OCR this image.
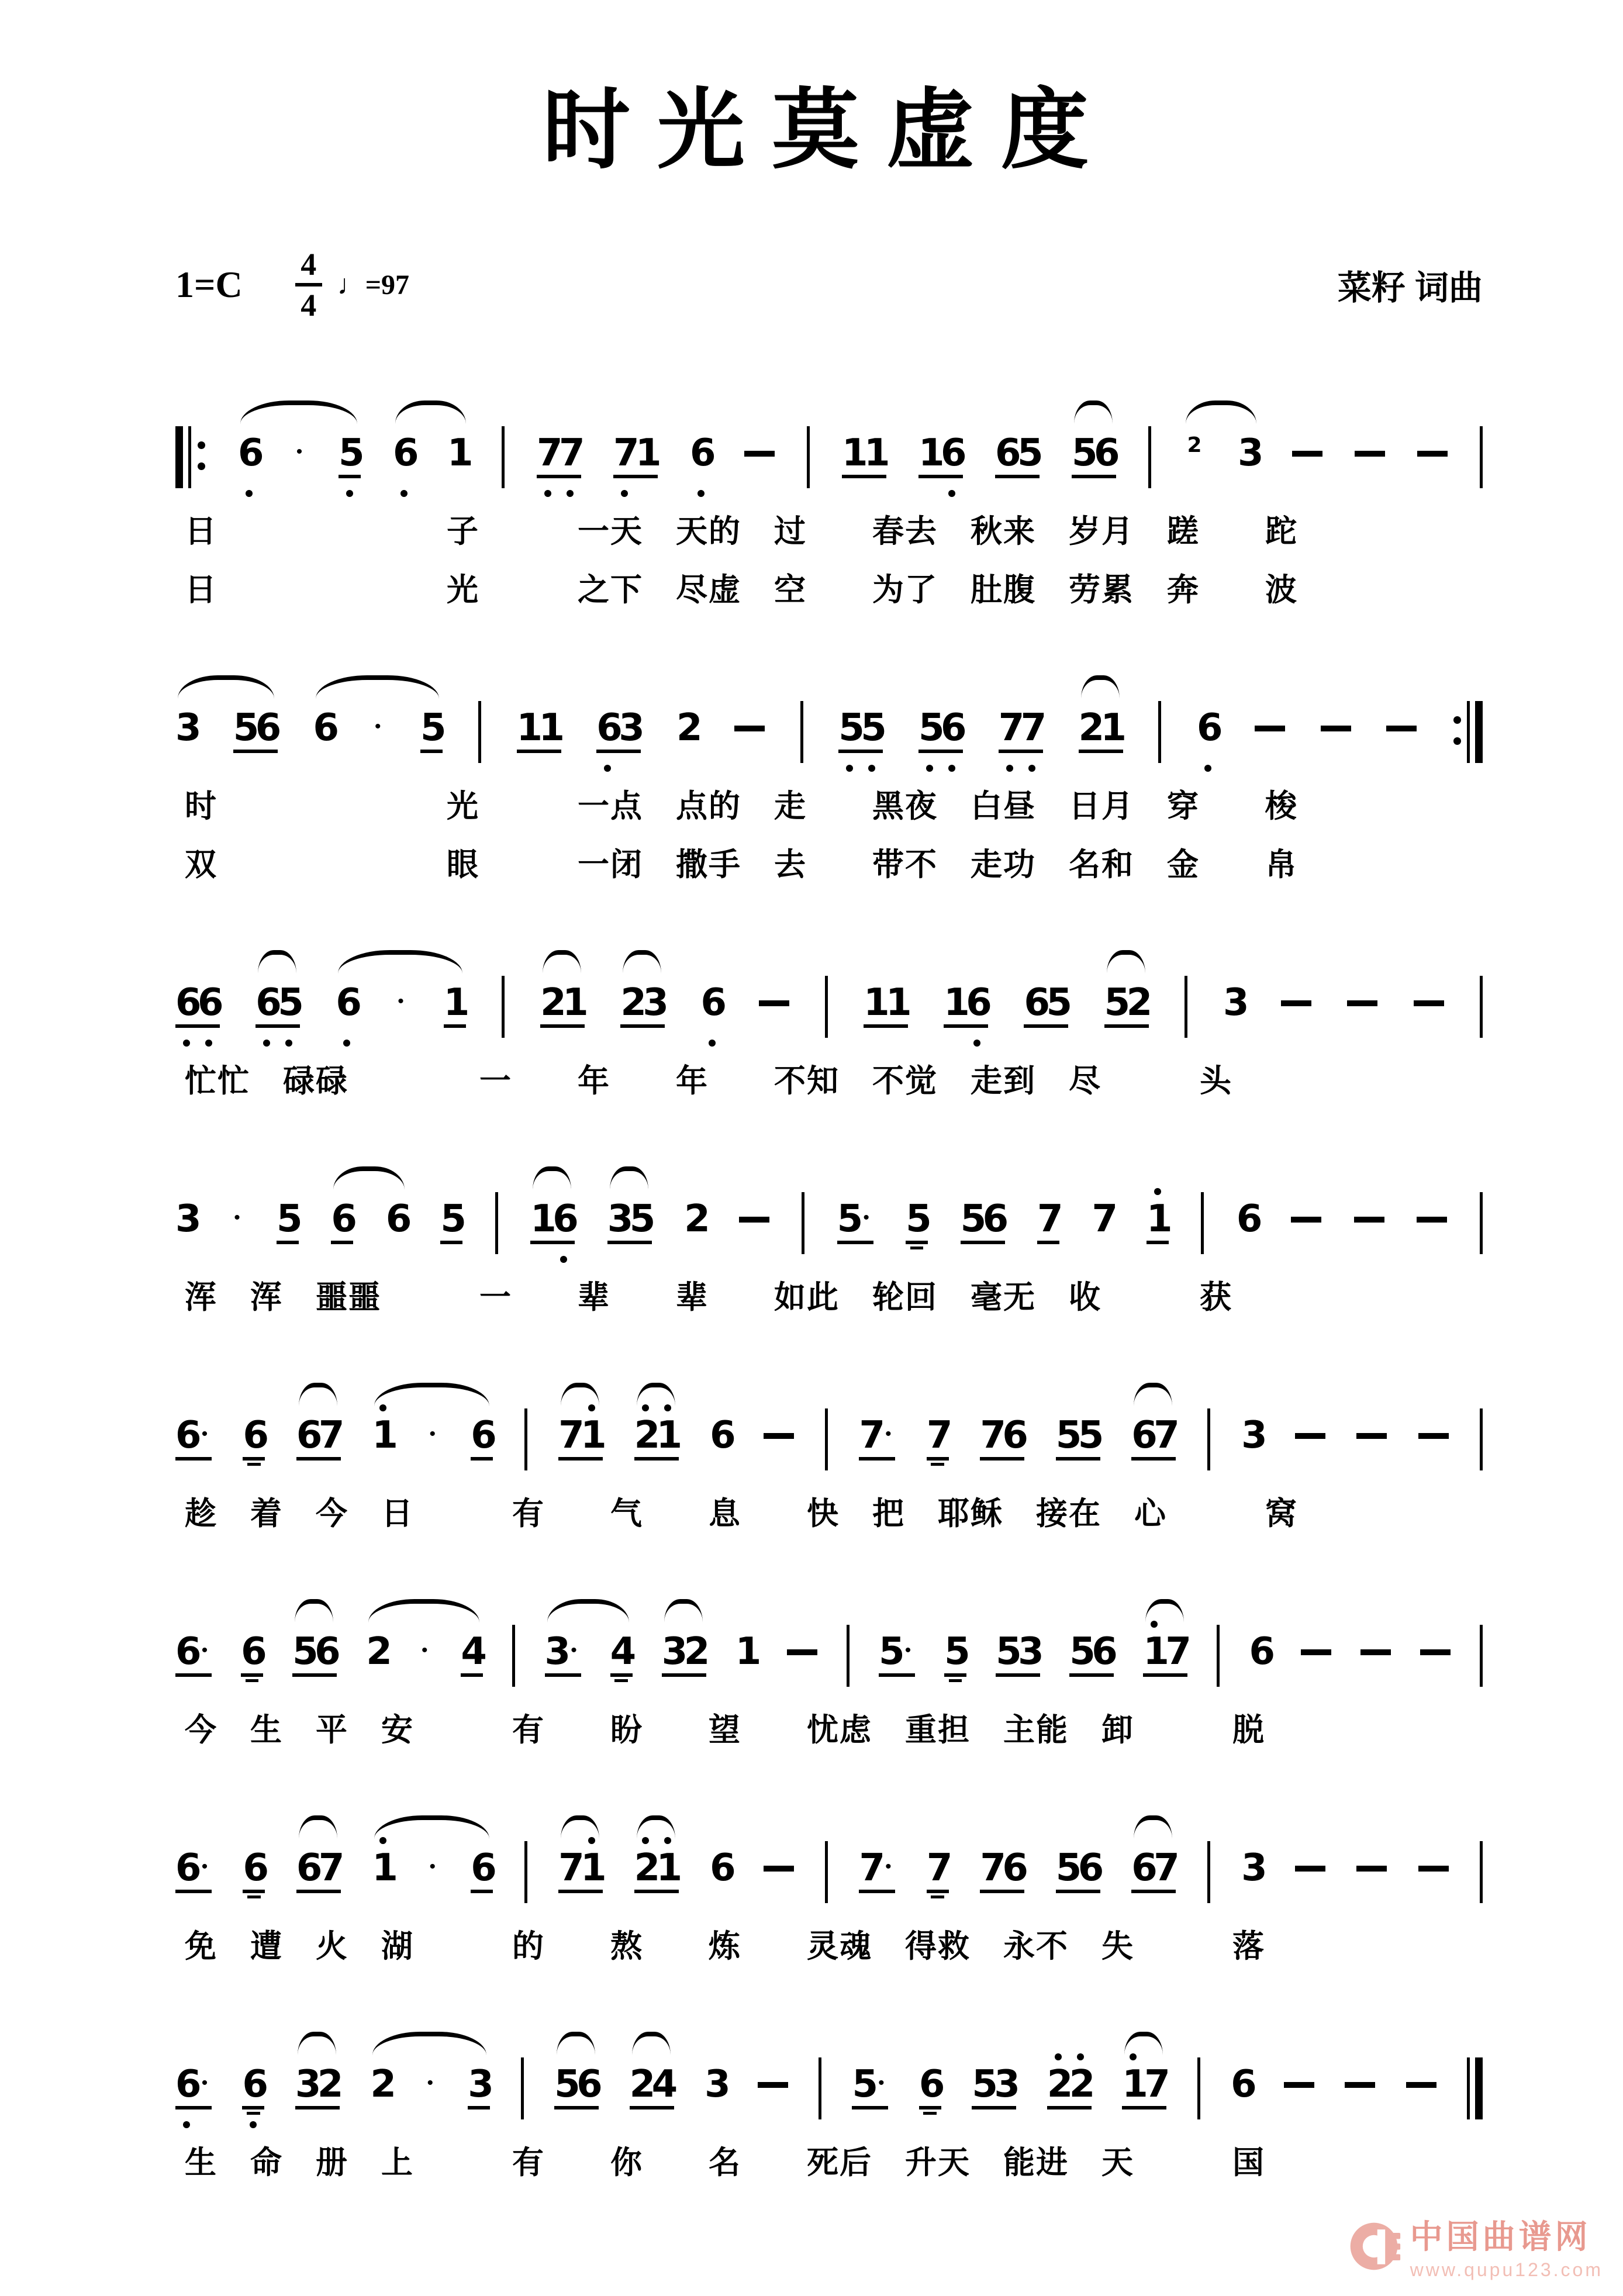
时光莫虚度
1=C 4
4
♩=97	菜籽 词曲
6 • 5 6 1 7
7 7
1 6	1
1 1
6 6
5 5
6	2 3
日　　　　　　　子　　　一天　天的　过　　春去　秋来　岁月　蹉　　跎
日　　　　　　　光　　　之下　尽虚　空　　为了　肚腹　劳累　奔　　波
3 5
6 6 • 5 1
1 6
3 2	5
5 5
6 7
7 2
1 6
时　　　　　　　光　　　一点　点的　走　　黑夜　白昼　日月　穿　　梭
双　　　　　　　眼　　　一闭　撒手　去　　带不　走功　名和　金　　帛
6
6 6
5 6 • 1 2
1 2
3 6	1
1 1
6 6
5 5
2 3
忙忙　碌碌　　　　一　　年　　年　　不知　不觉　走到　尽　　　头
3 • 5 6 6 5 1
6 3
5 2	5 • 5 5
6 7 7 1 6
浑　浑　噩噩　　　一　　辈　　辈　　如此　轮回　毫无　收　　　获
6 • 6 6
7 1 • 6 7
1 2
1 6	7 • 7 7
6 5
5 6
7 3
趁　着　今　日　　　有　　气　　息　　快　把　耶稣　接在　心　　　窝
6 • 6 5
6 2 • 4 3 • 4 3
2 1	5 • 5 5
3 5
6 1
7 6
今　生　平　安　　　有　　盼　　望　　忧虑　重担　主能　卸　　　脱
6 • 6 6
7 1 • 6 7
1 2
1 6	7 • 7 7
6 5
6 6
7 3
免　遭　火　湖　　　的　　熬　　炼　　灵魂　得救　永不　失　　　落
6 • 6 3
2 2 • 3 5
6 2
4 3	5 • 6 5
3 2
2 1
7 6
生　命　册　上　　　有　　你　　名　　死后　升天　能进　天　　　国
中国曲谱网
www.qupu123.com
